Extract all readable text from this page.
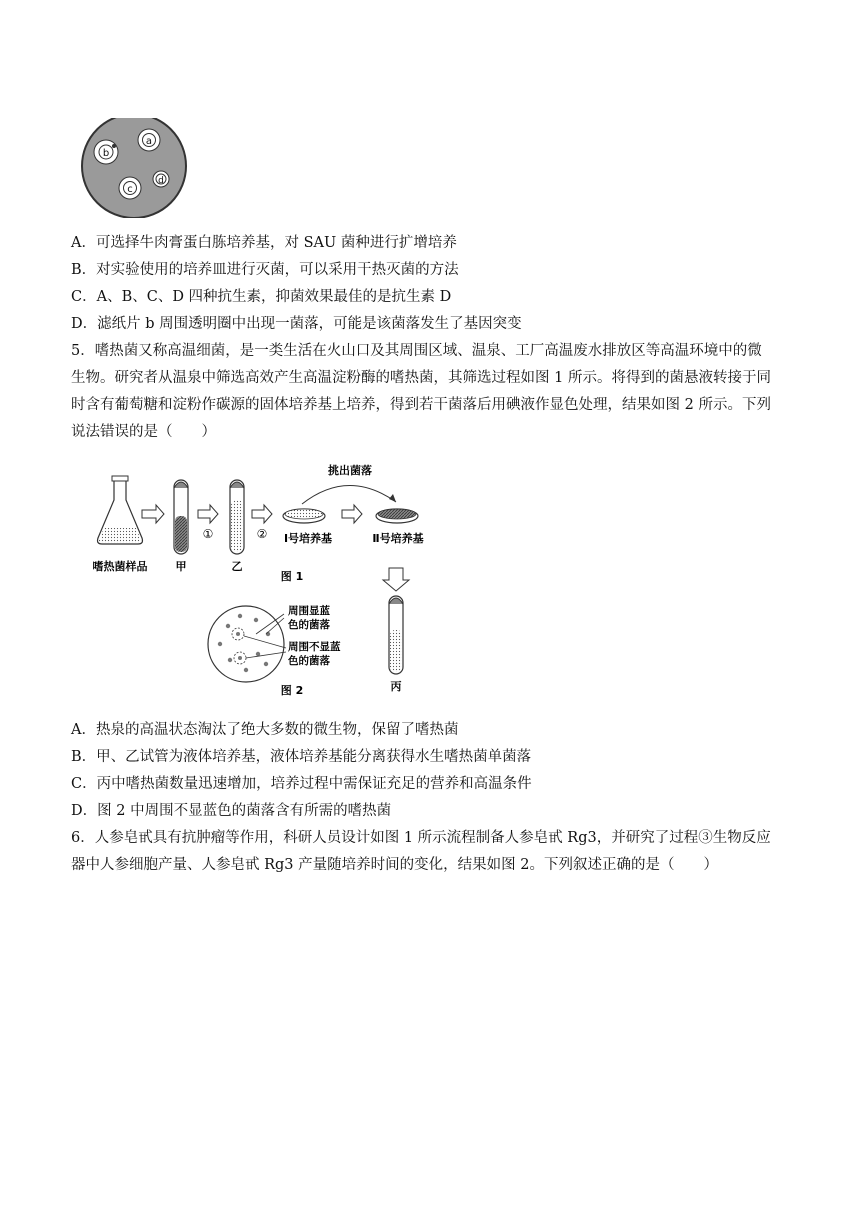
b
a
c
d
A．可选择牛肉膏蛋白胨培养基，对 SAU 菌种进行扩增培养
B．对实验使用的培养皿进行灭菌，可以采用干热灭菌的方法
C．A、B、C、D 四种抗生素，抑菌效果最佳的是抗生素 D
D．滤纸片 b 周围透明圈中出现一菌落，可能是该菌落发生了基因突变
5．嗜热菌又称高温细菌，是一类生活在火山口及其周围区域、温泉、工厂高温废水排放区等高温环境中的微
生物。研究者从温泉中筛选高效产生高温淀粉酶的嗜热菌，其筛选过程如图 1 所示。将得到的菌悬液转接于同
时含有葡萄糖和淀粉作碳源的固体培养基上培养，得到若干菌落后用碘液作显色处理，结果如图 2 所示。下列
说法错误的是（　　）
嗜热菌样品	甲
①
乙
② Ⅰ号培养基	Ⅱ号培养基
挑出菌落
图 1
丙
周围显蓝
色的菌落
周围不显蓝
色的菌落
图 2
A．热泉的高温状态淘汰了绝大多数的微生物，保留了嗜热菌
B．甲、乙试管为液体培养基，液体培养基能分离获得水生嗜热菌单菌落
C．丙中嗜热菌数量迅速增加，培养过程中需保证充足的营养和高温条件
D．图 2 中周围不显蓝色的菌落含有所需的嗜热菌
6．人参皂甙具有抗肿瘤等作用，科研人员设计如图 1 所示流程制备人参皂甙 Rg3，并研究了过程③生物反应
器中人参细胞产量、人参皂甙 Rg3 产量随培养时间的变化，结果如图 2。下列叙述正确的是（　　）
